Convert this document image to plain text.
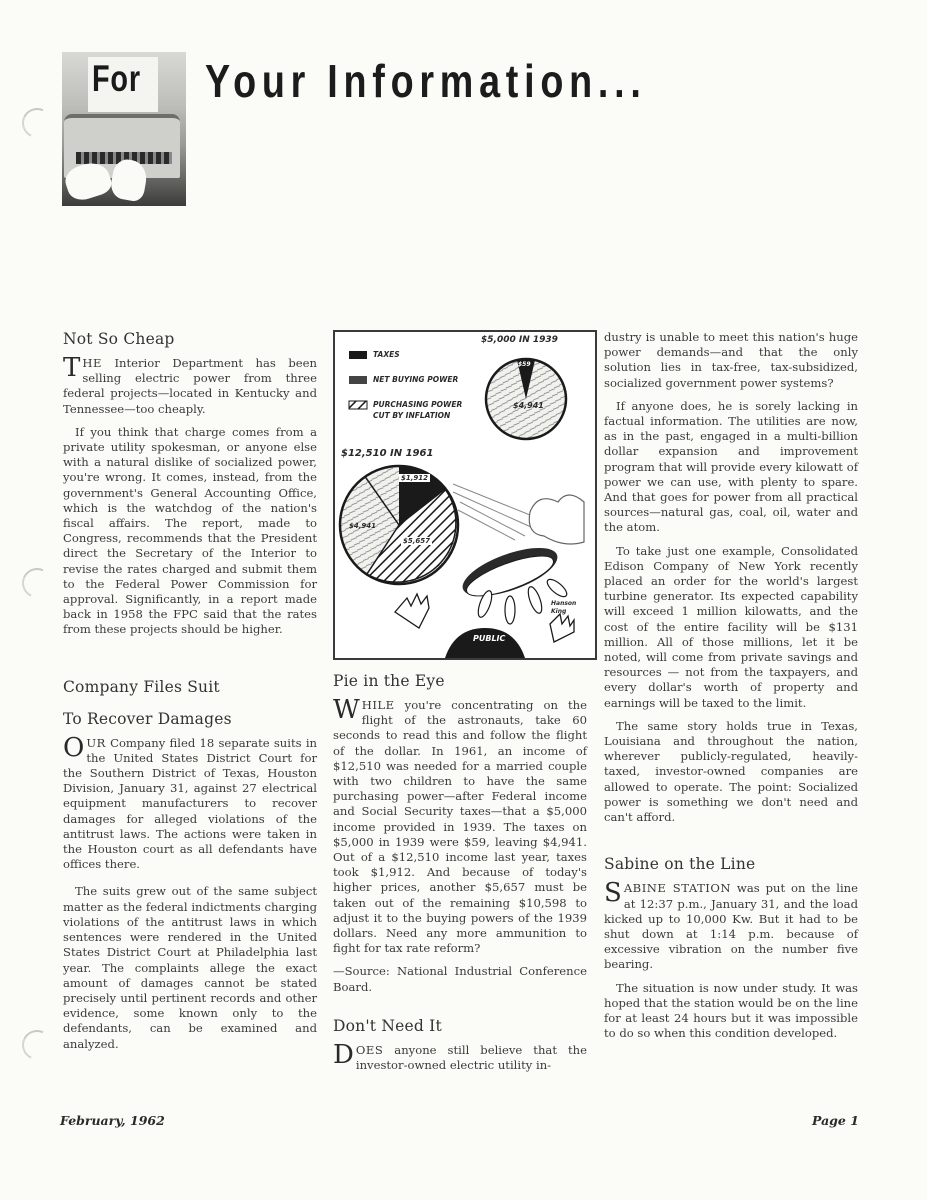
For Your Information...
Not So Cheap

THE Interior Department has been selling electric power from three federal projects—located in Kentucky and Tennessee—too cheaply.

If you think that charge comes from a private utility spokesman, or anyone else with a natural dislike of socialized power, you're wrong. It comes, instead, from the government's General Accounting Office, which is the watchdog of the nation's fiscal affairs. The report, made to Congress, recommends that the President direct the Secretary of the Interior to revise the rates charged and submit them to the Federal Power Commission for approval. Significantly, in a report made back in 1958 the FPC said that the rates from these projects should be higher.

Company Files Suit
To Recover Damages

OUR Company filed 18 separate suits in the United States District Court for the Southern District of Texas, Houston Division, January 31, against 27 electrical equipment manufacturers to recover damages for alleged violations of the antitrust laws. The actions were taken in the Houston court as all defendants have offices there.

The suits grew out of the same subject matter as the federal indictments charging violations of the antitrust laws in which sentences were rendered in the United States District Court at Philadelphia last year. The complaints allege the exact amount of damages cannot be stated precisely until pertinent records and other evidence, some known only to the defendants, can be examined and analyzed.

TAXES
NET BUYING POWER
PURCHASING POWER
CUT BY INFLATION
$5,000 IN 1939
$59
$4,941
$12,510 IN 1961
$1,912
$4,941
$5,657
PUBLIC
Hanson King
Pie in the Eye

WHILE you're concentrating on the flight of the astronauts, take 60 seconds to read this and follow the flight of the dollar. In 1961, an income of $12,510 was needed for a married couple with two children to have the same purchasing power—after Federal income and Social Security taxes—that a $5,000 income provided in 1939. The taxes on $5,000 in 1939 were $59, leaving $4,941. Out of a $12,510 income last year, taxes took $1,912. And because of today's higher prices, another $5,657 must be taken out of the remaining $10,598 to adjust it to the buying powers of the 1939 dollars. Need any more ammunition to fight for tax rate reform?

—Source: National Industrial Conference Board.

Don't Need It

DOES anyone still believe that the investor-owned electric utility in-

dustry is unable to meet this nation's huge power demands—and that the only solution lies in tax-free, tax-subsidized, socialized government power systems?

If anyone does, he is sorely lacking in factual information. The utilities are now, as in the past, engaged in a multi-billion dollar expansion and improvement program that will provide every kilowatt of power we can use, with plenty to spare. And that goes for power from all practical sources—natural gas, coal, oil, water and the atom.

To take just one example, Consolidated Edison Company of New York recently placed an order for the world's largest turbine generator. Its expected capability will exceed 1 million kilowatts, and the cost of the entire facility will be $131 million. All of those millions, let it be noted, will come from private savings and resources — not from the taxpayers, and every dollar's worth of property and earnings will be taxed to the limit.

The same story holds true in Texas, Louisiana and throughout the nation, wherever publicly-regulated, heavily-taxed, investor-owned companies are allowed to operate. The point: Socialized power is something we don't need and can't afford.

Sabine on the Line

SABINE STATION was put on the line at 12:37 p.m., January 31, and the load kicked up to 10,000 Kw. But it had to be shut down at 1:14 p.m. because of excessive vibration on the number five bearing.

The situation is now under study. It was hoped that the station would be on the line for at least 24 hours but it was impossible to do so when this condition developed.

February, 1962	Page 1
